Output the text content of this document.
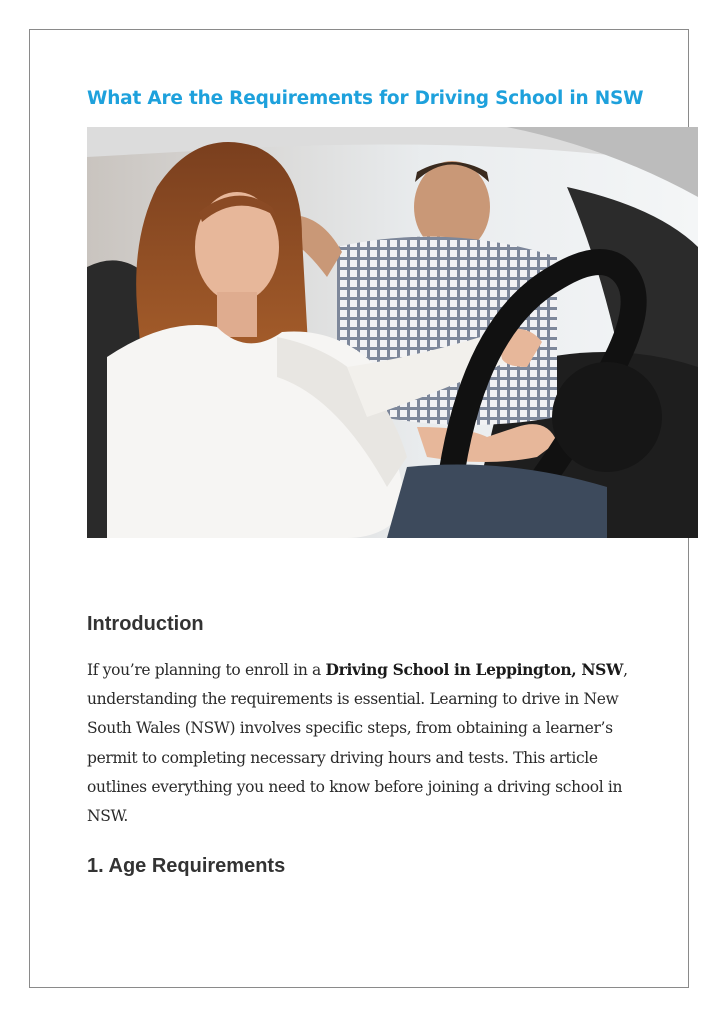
What Are the Requirements for Driving School in NSW
Introduction

If you’re planning to enroll in a Driving School in Leppington, NSW, understanding the requirements is essential. Learning to drive in New South Wales (NSW) involves specific steps, from obtaining a learner’s permit to completing necessary driving hours and tests. This article outlines everything you need to know before joining a driving school in NSW.

1. Age Requirements
